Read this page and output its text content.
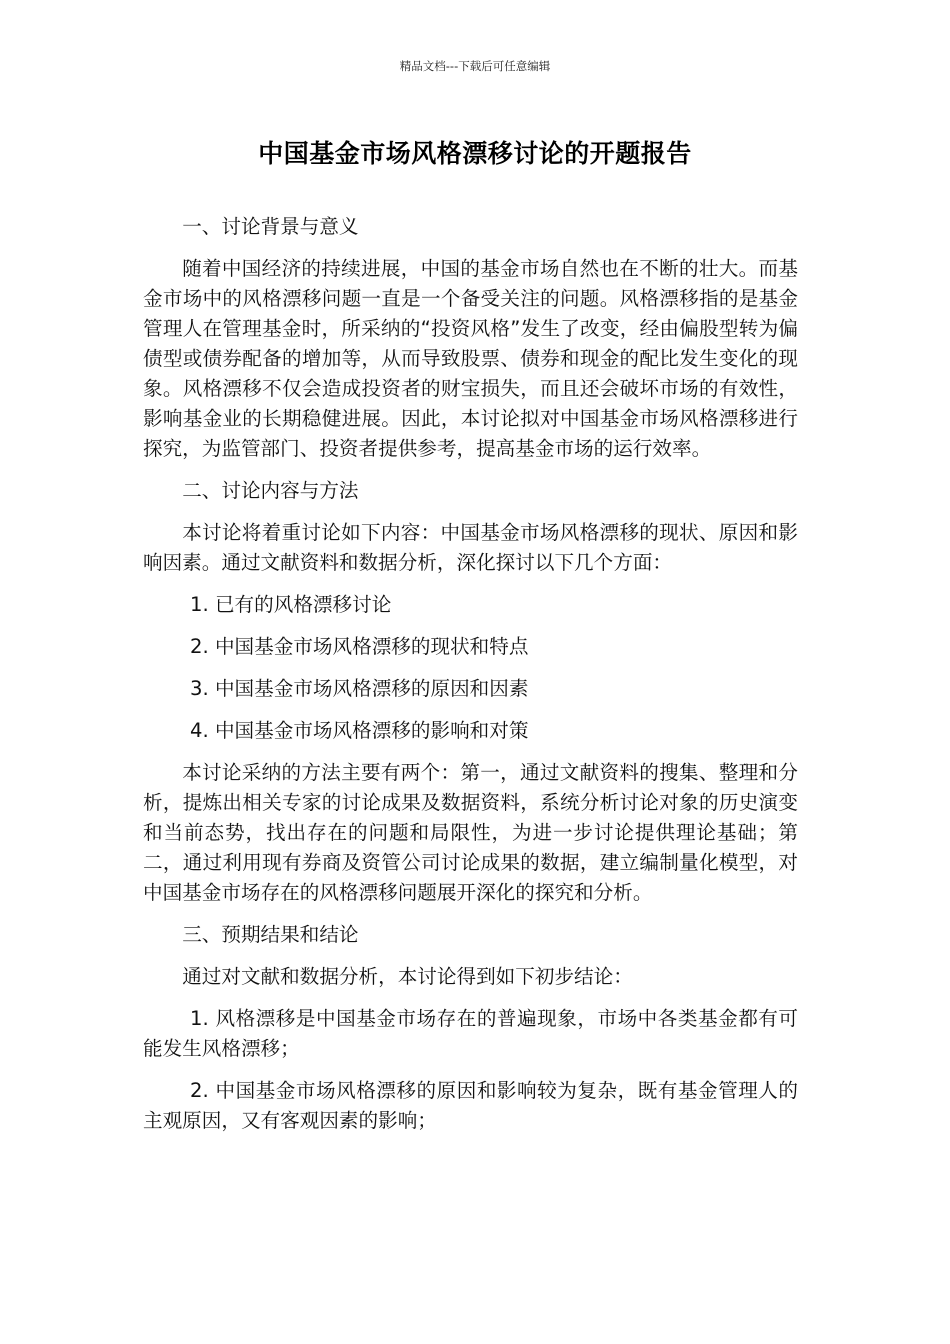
精品文档---下载后可任意编辑
中国基金市场风格漂移讨论的开题报告

一、讨论背景与意义

随着中国经济的持续进展，中国的基金市场自然也在不断的壮大。而基金市场中的风格漂移问题一直是一个备受关注的问题。风格漂移指的是基金管理人在管理基金时，所采纳的“投资风格”发生了改变，经由偏股型转为偏债型或债券配备的增加等，从而导致股票、债券和现金的配比发生变化的现象。风格漂移不仅会造成投资者的财宝损失，而且还会破坏市场的有效性，影响基金业的长期稳健进展。因此，本讨论拟对中国基金市场风格漂移进行探究，为监管部门、投资者提供参考，提高基金市场的运行效率。

二、讨论内容与方法

本讨论将着重讨论如下内容：中国基金市场风格漂移的现状、原因和影响因素。通过文献资料和数据分析，深化探讨以下几个方面：

1. 已有的风格漂移讨论

2. 中国基金市场风格漂移的现状和特点

3. 中国基金市场风格漂移的原因和因素

4. 中国基金市场风格漂移的影响和对策

本讨论采纳的方法主要有两个：第一，通过文献资料的搜集、整理和分析，提炼出相关专家的讨论成果及数据资料，系统分析讨论对象的历史演变和当前态势，找出存在的问题和局限性，为进一步讨论提供理论基础；第二，通过利用现有券商及资管公司讨论成果的数据，建立编制量化模型，对中国基金市场存在的风格漂移问题展开深化的探究和分析。

三、预期结果和结论

通过对文献和数据分析，本讨论得到如下初步结论：

1. 风格漂移是中国基金市场存在的普遍现象，市场中各类基金都有可能发生风格漂移；

2. 中国基金市场风格漂移的原因和影响较为复杂，既有基金管理人的主观原因，又有客观因素的影响；
